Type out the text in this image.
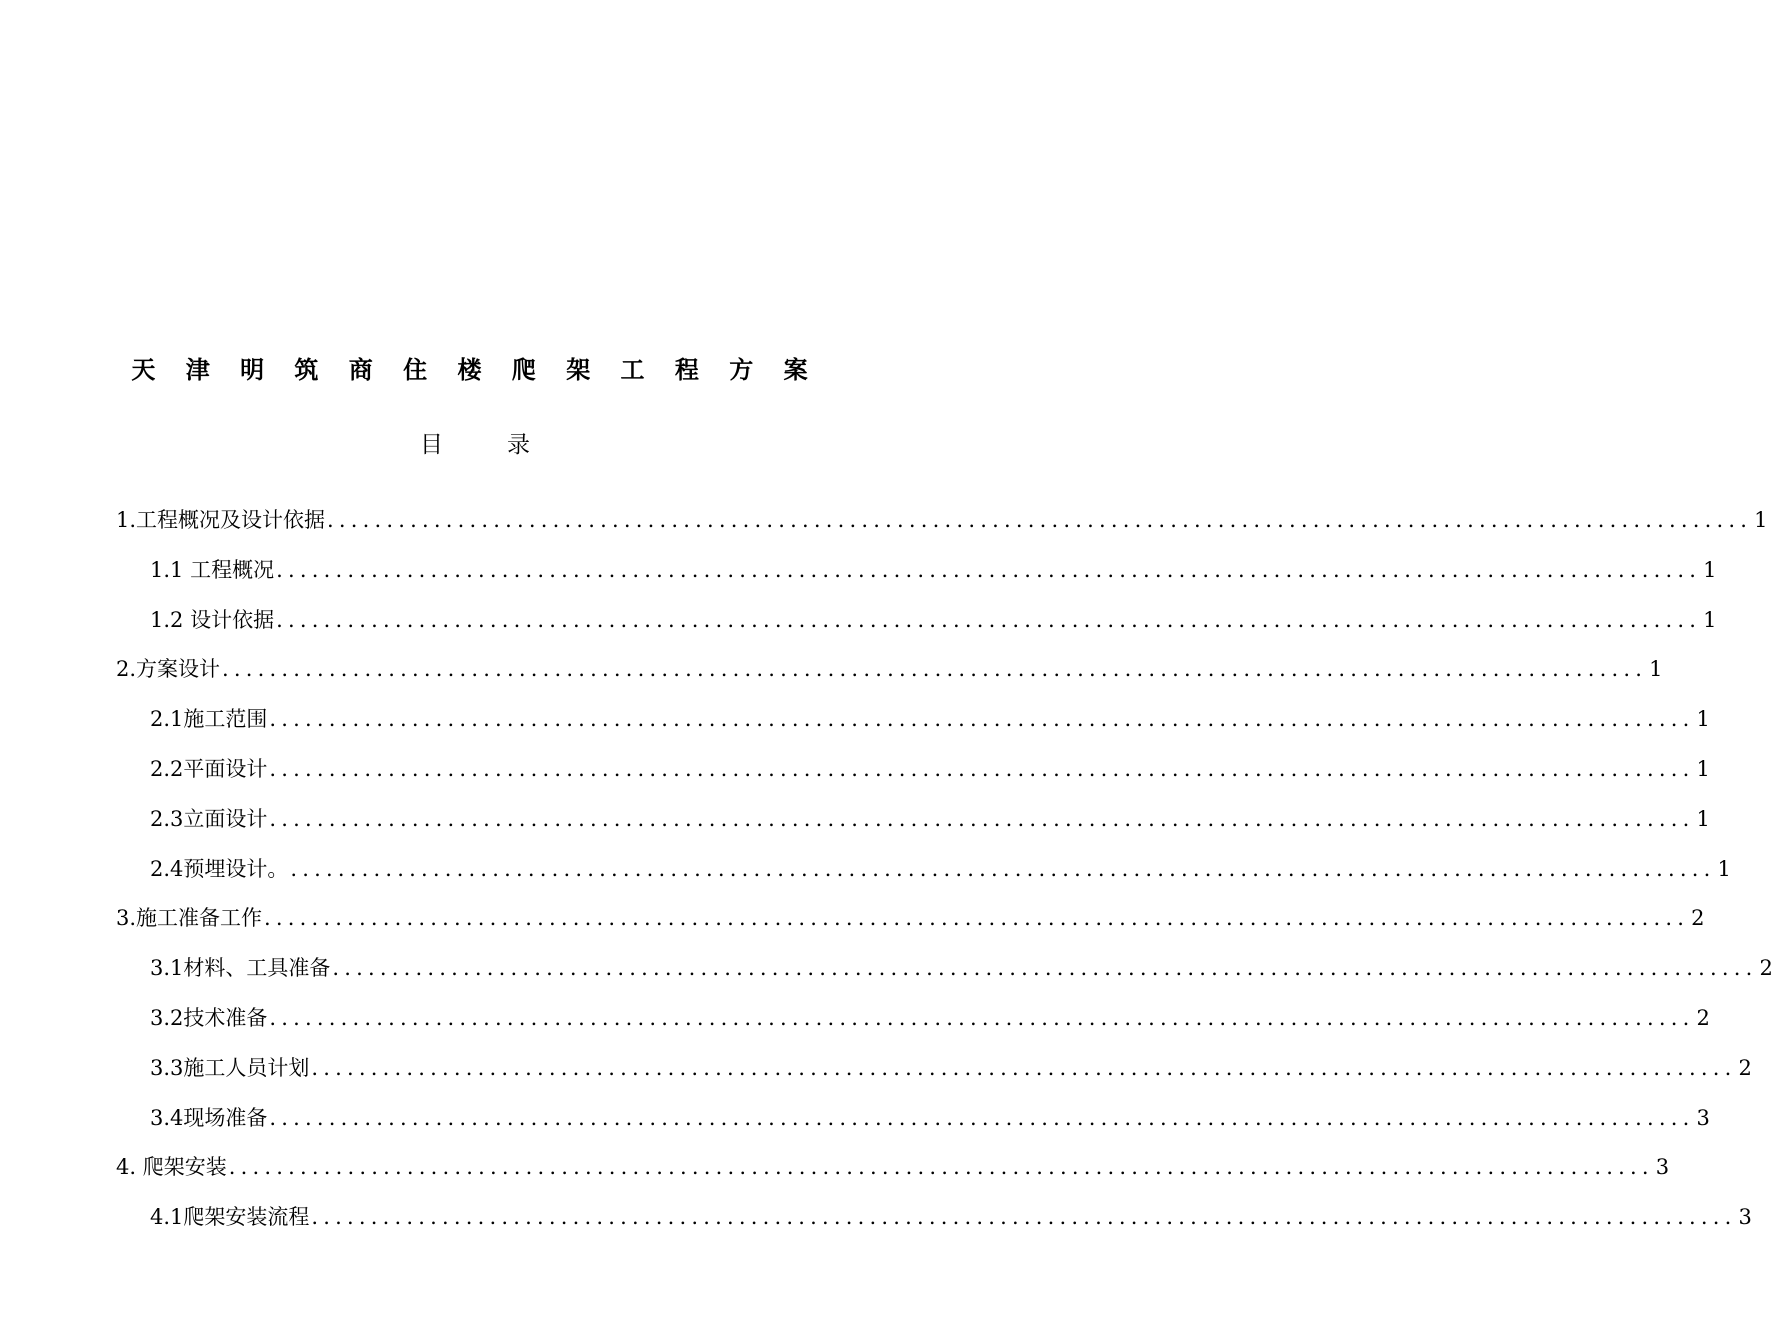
天 津 明 筑 商 住 楼 爬 架 工 程 方 案
目	录
1.工程概况及设计依据 ........................................................................................................................ 1
1.1 工程概况 ........................................................................................................................ 1
1.2 设计依据 ........................................................................................................................ 1
2.方案设计 ........................................................................................................................ 1
2.1施工范围 ........................................................................................................................ 1
2.2平面设计 ........................................................................................................................ 1
2.3立面设计 ........................................................................................................................ 1
2.4预埋设计。 ........................................................................................................................ 1
3.施工准备工作 ........................................................................................................................ 2
3.1材料、工具准备 ........................................................................................................................ 2
3.2技术准备 ........................................................................................................................ 2
3.3施工人员计划 ........................................................................................................................ 2
3.4现场准备 ........................................................................................................................ 3
4. 爬架安装 ........................................................................................................................ 3
4.1爬架安装流程 ........................................................................................................................ 3
